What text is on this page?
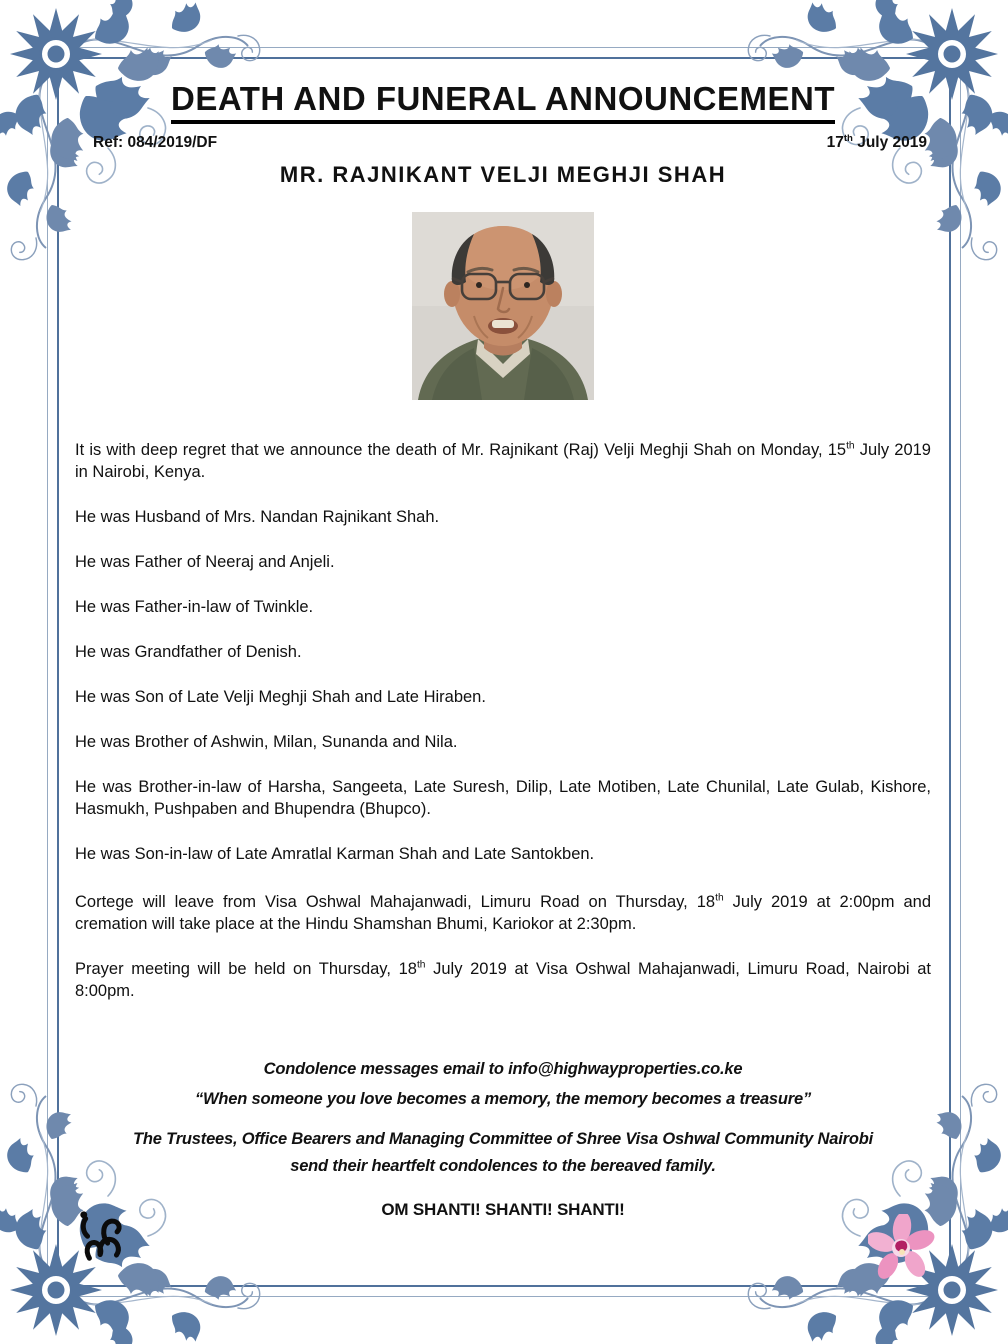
DEATH AND FUNERAL ANNOUNCEMENT
Ref: 084/2019/DF	17th July 2019
MR. RAJNIKANT VELJI MEGHJI SHAH

It is with deep regret that we announce the death of Mr. Rajnikant (Raj) Velji Meghji Shah on Monday, 15th July 2019 in Nairobi, Kenya.

He was Husband of Mrs. Nandan Rajnikant Shah.

He was Father of Neeraj and Anjeli.

He was Father-in-law of Twinkle.

He was Grandfather of Denish.

He was Son of Late Velji Meghji Shah and Late Hiraben.

He was Brother of Ashwin, Milan, Sunanda and Nila.

He was Brother-in-law of Harsha, Sangeeta, Late Suresh, Dilip, Late Motiben, Late Chunilal, Late Gulab, Kishore, Hasmukh, Pushpaben and Bhupendra (Bhupco).

He was Son-in-law of Late Amratlal Karman Shah and Late Santokben.

Cortege will leave from Visa Oshwal Mahajanwadi, Limuru Road on Thursday, 18th July 2019 at 2:00pm and cremation will take place at the Hindu Shamshan Bhumi, Kariokor at 2:30pm.

Prayer meeting will be held on Thursday, 18th July 2019 at Visa Oshwal Mahajanwadi, Limuru Road, Nairobi at 8:00pm.

Condolence messages email to info@highwayproperties.co.ke
“When someone you love becomes a memory, the memory becomes a treasure”
The Trustees, Office Bearers and Managing Committee of Shree Visa Oshwal Community Nairobi
send their heartfelt condolences to the bereaved family.
OM SHANTI! SHANTI! SHANTI!
